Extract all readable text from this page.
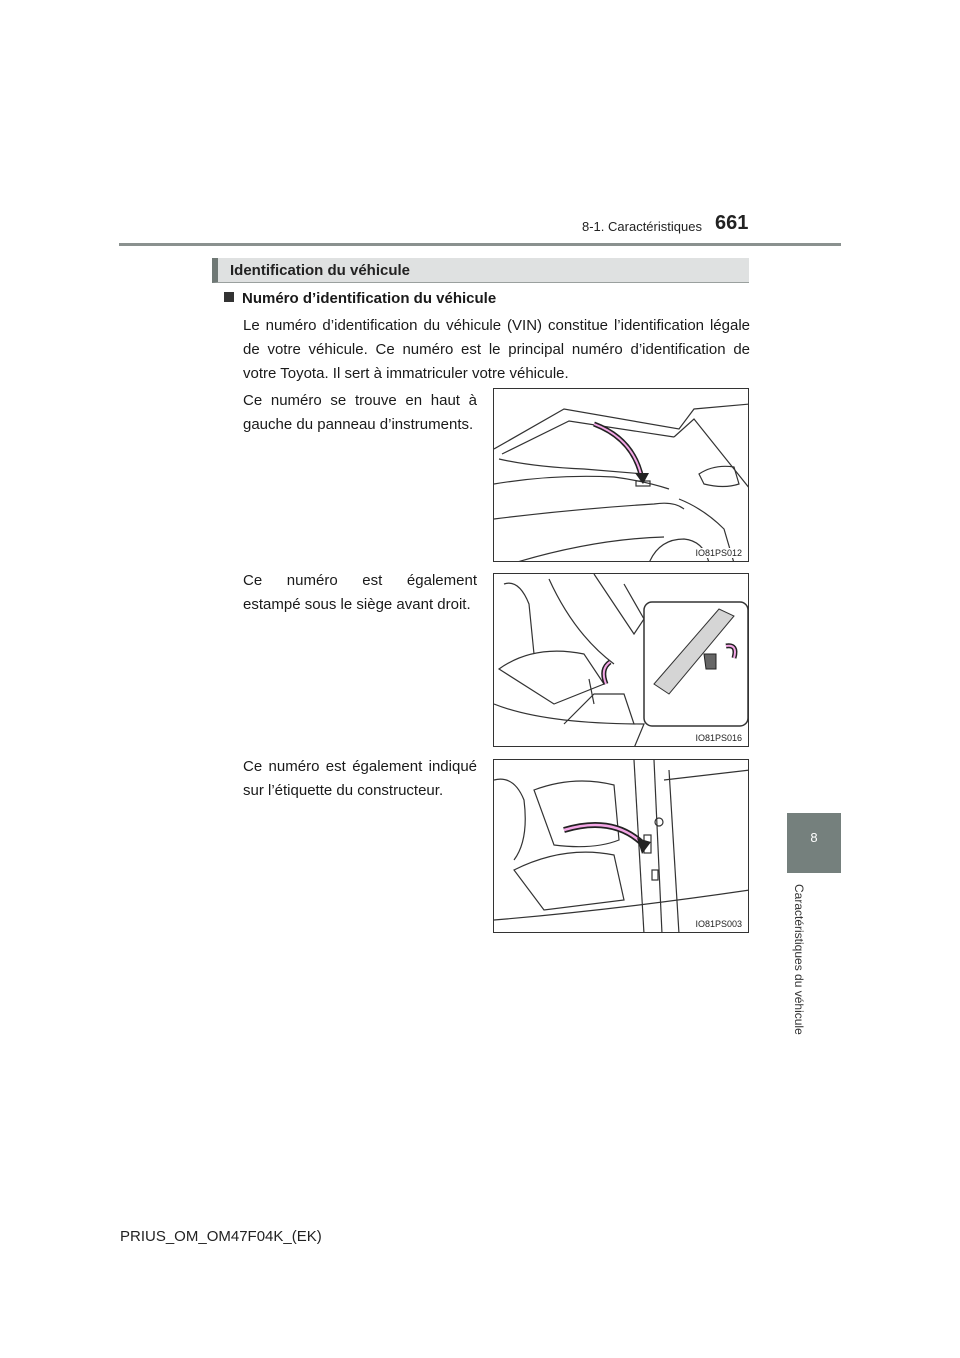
8-1. Caractéristiques 661
8
Caractéristiques du véhicule
Identification du véhicule
Numéro d’identification du véhicule
Le numéro d’identification du véhicule (VIN) constitue l’identification légale de votre véhicule. Ce numéro est le principal numéro d’identification de votre Toyota. Il sert à immatriculer votre véhicule.
Ce numéro se trouve en haut à gauche du panneau d’instruments.
IO81PS012
Ce numéro est également estampé sous le siège avant droit.
IO81PS016
Ce numéro est également indiqué sur l’étiquette du constructeur.
IO81PS003
PRIUS_OM_OM47F04K_(EK)
